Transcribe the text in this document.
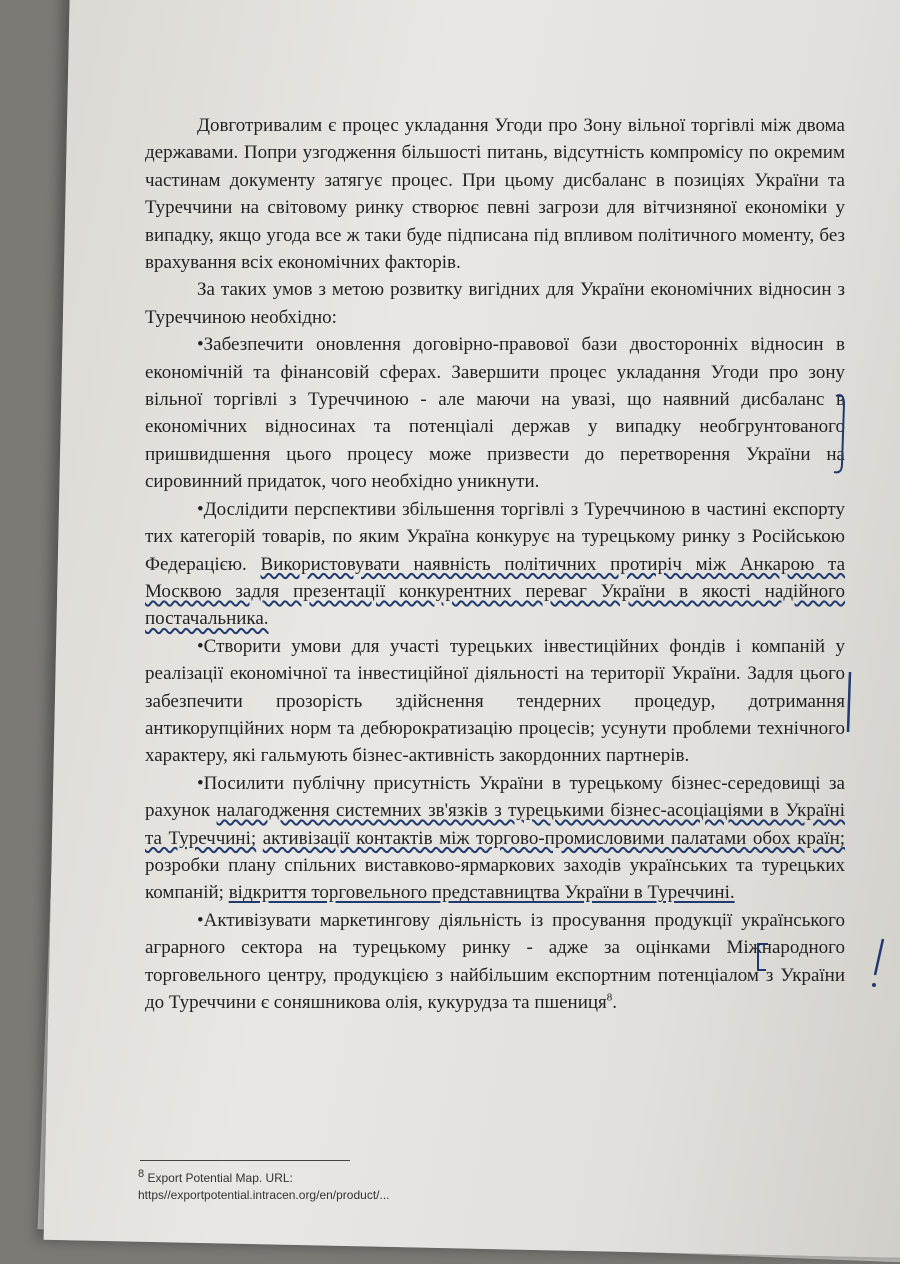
Довготривалим є процес укладання Угоди про Зону вільної торгівлі між двома державами. Попри узгодження більшості питань, відсутність компромісу по окремим частинам документу затягує процес. При цьому дисбаланс в позиціях України та Туреччини на світовому ринку створює певні загрози для вітчизняної економіки у випадку, якщо угода все ж таки буде підписана під впливом політичного моменту, без врахування всіх економічних факторів.

За таких умов з метою розвитку вигідних для України економічних відносин з Туреччиною необхідно:

•Забезпечити оновлення договірно-правової бази двосторонніх відносин в економічній та фінансовій сферах. Завершити процес укладання Угоди про зону вільної торгівлі з Туреччиною - але маючи на увазі, що наявний дисбаланс в економічних відносинах та потенціалі держав у випадку необгрунтованого пришвидшення цього процесу може призвести до перетворення України на сировинний придаток, чого необхідно уникнути.

•Дослідити перспективи збільшення торгівлі з Туреччиною в частині експорту тих категорій товарів, по яким Україна конкурує на турецькому ринку з Російською Федерацією. Використовувати наявність політичних протиріч між Анкарою та Москвою задля презентації конкурентних переваг України в якості надійного постачальника.

•Створити умови для участі турецьких інвестиційних фондів і компаній у реалізації економічної та інвестиційної діяльності на території України. Задля цього забезпечити прозорість здійснення тендерних процедур, дотримання антикорупційних норм та дебюрократизацію процесів; усунути проблеми технічного характеру, які гальмують бізнес-активність закордонних партнерів.

•Посилити публічну присутність України в турецькому бізнес-середовищі за рахунок налагодження системних зв'язків з турецькими бізнес-асоціаціями в Україні та Туреччині; активізації контактів між торгово-промисловими палатами обох країн; розробки плану спільних виставково-ярмаркових заходів українських та турецьких компаній; відкриття торговельного представництва України в Туреччині.

•Активізувати маркетингову діяльність із просування продукції українського аграрного сектора на турецькому ринку - адже за оцінками Міжнародного торговельного центру, продукцією з найбільшим експортним потенціалом з України до Туреччини є соняшникова олія, кукурудза та пшениця$^8$.

$^8$ Export Potential Map. URL:
https//exportpotential.intracen.org/en/product/...
